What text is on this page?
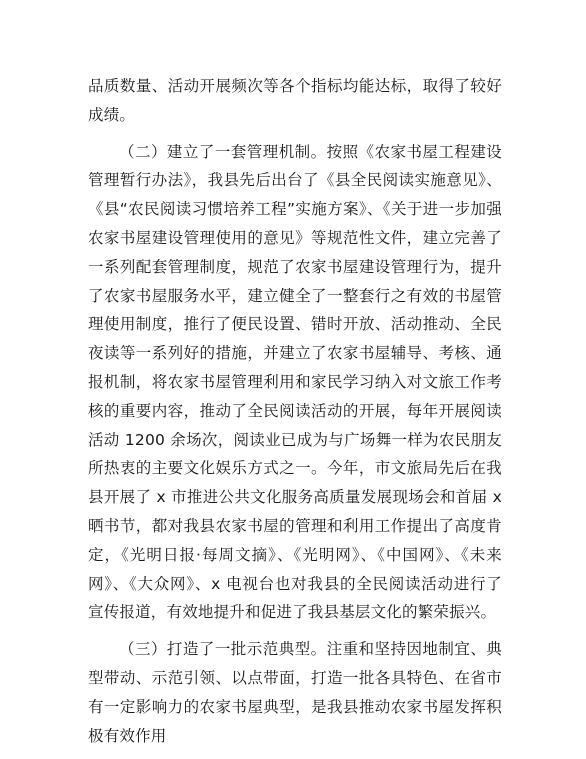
品质数量、活动开展频次等各个指标均能达标，取得了较好成绩。

（二）建立了一套管理机制。按照《农家书屋工程建设管理暂行办法》，我县先后出台了《县全民阅读实施意见》、《县“农民阅读习惯培养工程”实施方案》、《关于进一步加强农家书屋建设管理使用的意见》等规范性文件，建立完善了一系列配套管理制度，规范了农家书屋建设管理行为，提升了农家书屋服务水平，建立健全了一整套行之有效的书屋管理使用制度，推行了便民设置、错时开放、活动推动、全民夜读等一系列好的措施，并建立了农家书屋辅导、考核、通报机制，将农家书屋管理利用和家民学习纳入对文旅工作考核的重要内容，推动了全民阅读活动的开展，每年开展阅读活动 1200 余场次，阅读业已成为与广场舞一样为农民朋友所热衷的主要文化娱乐方式之一。今年，市文旅局先后在我县开展了 x 市推进公共文化服务高质量发展现场会和首届 x 晒书节，都对我县农家书屋的管理和利用工作提出了高度肯定，《光明日报·每周文摘》、《光明网》、《中国网》、《未来网》、《大众网》、x 电视台也对我县的全民阅读活动进行了宣传报道，有效地提升和促进了我县基层文化的繁荣振兴。

（三）打造了一批示范典型。注重和坚持因地制宜、典型带动、示范引领、以点带面，打造一批各具特色、在省市有一定影响力的农家书屋典型，是我县推动农家书屋发挥积极有效作用
